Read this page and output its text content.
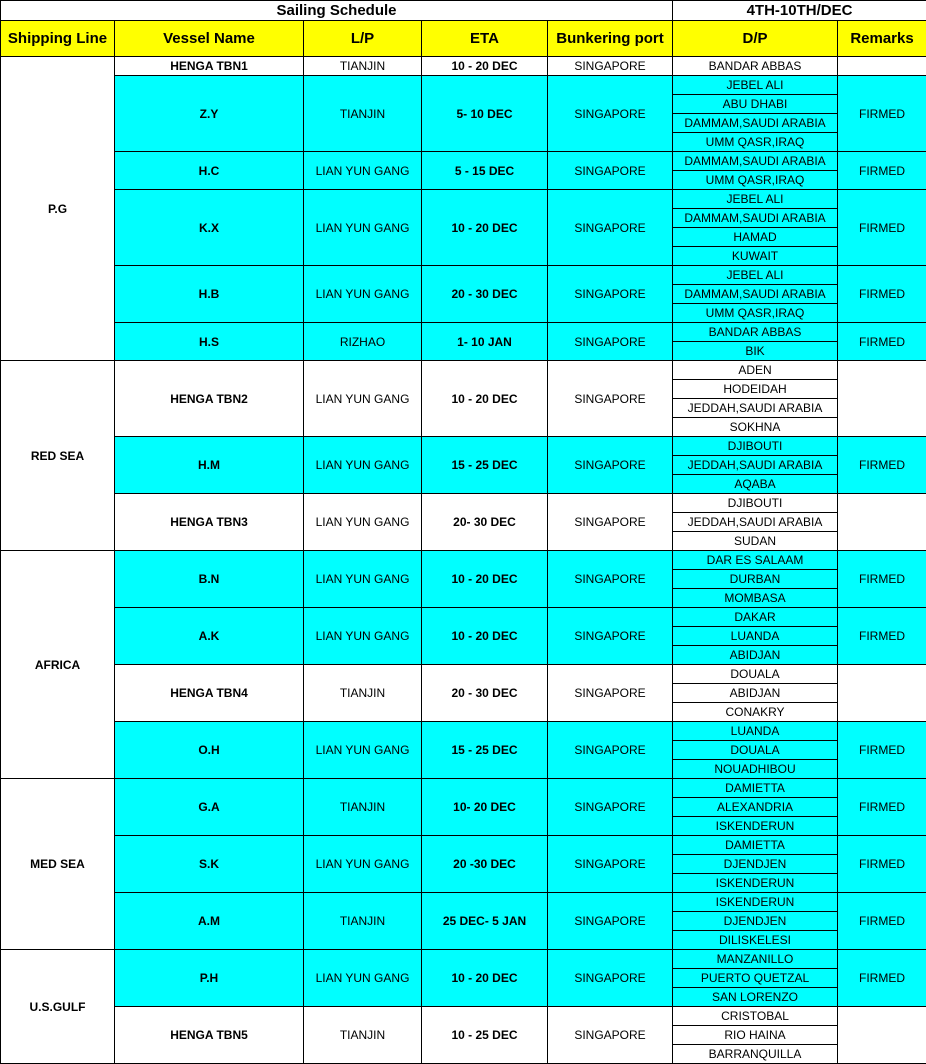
Sailing Schedule					4TH-10TH/DEC	
Shipping Line	Vessel Name	L/P	ETA	Bunkering port	D/P	Remarks
P.G	HENGA TBN1	TIANJIN	10 - 20 DEC	SINGAPORE	BANDAR ABBAS	
	Z.Y	TIANJIN	5- 10 DEC	SINGAPORE	JEBEL ALI	FIRMED
					ABU DHABI	
					DAMMAM,SAUDI ARABIA	
					UMM QASR,IRAQ	
	H.C	LIAN YUN GANG	5 - 15 DEC	SINGAPORE	DAMMAM,SAUDI ARABIA	FIRMED
					UMM QASR,IRAQ	
	K.X	LIAN YUN GANG	10 - 20 DEC	SINGAPORE	JEBEL ALI	FIRMED
					DAMMAM,SAUDI ARABIA	
					HAMAD	
					KUWAIT	
	H.B	LIAN YUN GANG	20 - 30 DEC	SINGAPORE	JEBEL ALI	FIRMED
					DAMMAM,SAUDI ARABIA	
					UMM QASR,IRAQ	
	H.S	RIZHAO	1- 10 JAN	SINGAPORE	BANDAR ABBAS	FIRMED
					BIK	
RED SEA	HENGA TBN2	LIAN YUN GANG	10 - 20 DEC	SINGAPORE	ADEN	
					HODEIDAH	
					JEDDAH,SAUDI ARABIA	
					SOKHNA	
	H.M	LIAN YUN GANG	15 - 25 DEC	SINGAPORE	DJIBOUTI	FIRMED
					JEDDAH,SAUDI ARABIA	
					AQABA	
	HENGA TBN3	LIAN YUN GANG	20- 30 DEC	SINGAPORE	DJIBOUTI	
					JEDDAH,SAUDI ARABIA	
					SUDAN	
AFRICA	B.N	LIAN YUN GANG	10 - 20 DEC	SINGAPORE	DAR ES SALAAM	FIRMED
					DURBAN	
					MOMBASA	
	A.K	LIAN YUN GANG	10 - 20 DEC	SINGAPORE	DAKAR	FIRMED
					LUANDA	
					ABIDJAN	
	HENGA TBN4	TIANJIN	20 - 30 DEC	SINGAPORE	DOUALA	
					ABIDJAN	
					CONAKRY	
	O.H	LIAN YUN GANG	15 - 25 DEC	SINGAPORE	LUANDA	FIRMED
					DOUALA	
					NOUADHIBOU	
MED SEA	G.A	TIANJIN	10- 20 DEC	SINGAPORE	DAMIETTA	FIRMED
					ALEXANDRIA	
					ISKENDERUN	
	S.K	LIAN YUN GANG	20 -30 DEC	SINGAPORE	DAMIETTA	FIRMED
					DJENDJEN	
					ISKENDERUN	
	A.M	TIANJIN	25 DEC- 5 JAN	SINGAPORE	ISKENDERUN	FIRMED
					DJENDJEN	
					DILISKELESI	
U.S.GULF	P.H	LIAN YUN GANG	10 - 20 DEC	SINGAPORE	MANZANILLO	FIRMED
					PUERTO QUETZAL	
					SAN LORENZO	
	HENGA TBN5	TIANJIN	10 - 25 DEC	SINGAPORE	CRISTOBAL	
					RIO HAINA	
					BARRANQUILLA	
